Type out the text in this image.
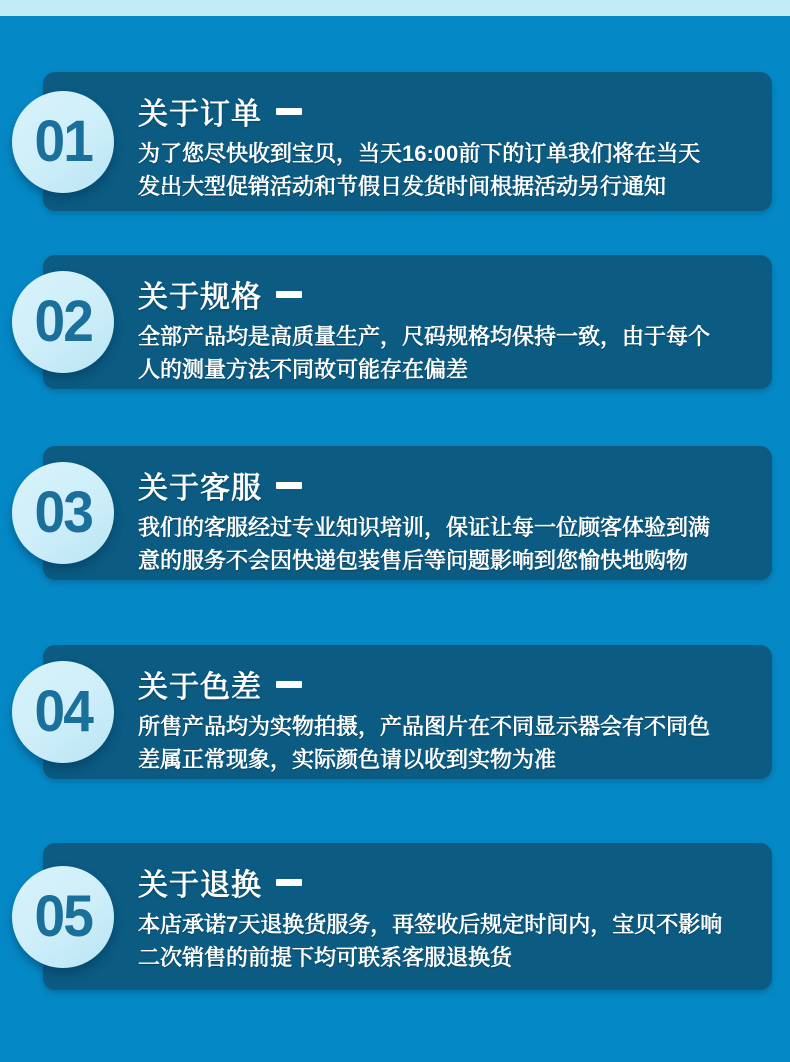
01 关于订单
为了您尽快收到宝贝，当天16:00前下的订单我们将在当天
发出大型促销活动和节假日发货时间根据活动另行通知
02 关于规格
全部产品均是高质量生产，尺码规格均保持一致，由于每个
人的测量方法不同故可能存在偏差
03 关于客服
我们的客服经过专业知识培训，保证让每一位顾客体验到满
意的服务不会因快递包装售后等问题影响到您愉快地购物
04 关于色差
所售产品均为实物拍摄，产品图片在不同显示器会有不同色
差属正常现象，实际颜色请以收到实物为准
05 关于退换
本店承诺7天退换货服务，再签收后规定时间内，宝贝不影响
二次销售的前提下均可联系客服退换货
